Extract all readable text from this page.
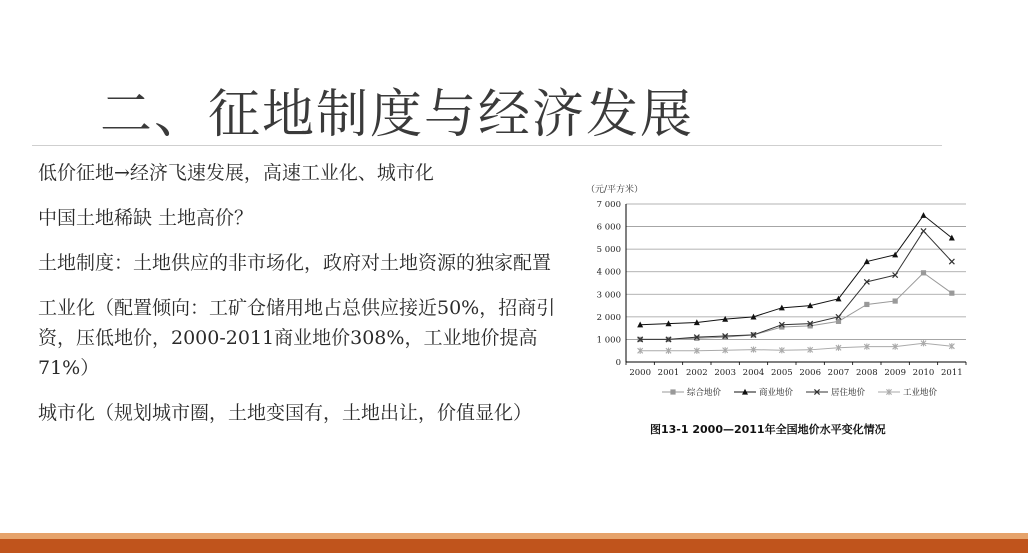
二、征地制度与经济发展

低价征地→经济飞速发展，高速工业化、城市化

中国土地稀缺 土地高价？

土地制度：土地供应的非市场化，政府对土地资源的独家配置

工业化（配置倾向：工矿仓储用地占总供应接近50%，招商引资，压低地价，2000-2011商业地价308%，工业地价提高71%）

城市化（规划城市圈，土地变国有，土地出让，价值显化）

（元/平方米）
0
1 000
2 000
3 000
4 000
5 000
6 000
7 000
2000 2001 2002 2003 2004 2005 2006 2007 2008 2009 2010 2011
综合地价	商业地价	居住地价	工业地价
图13-1 2000—2011年全国地价水平变化情况
